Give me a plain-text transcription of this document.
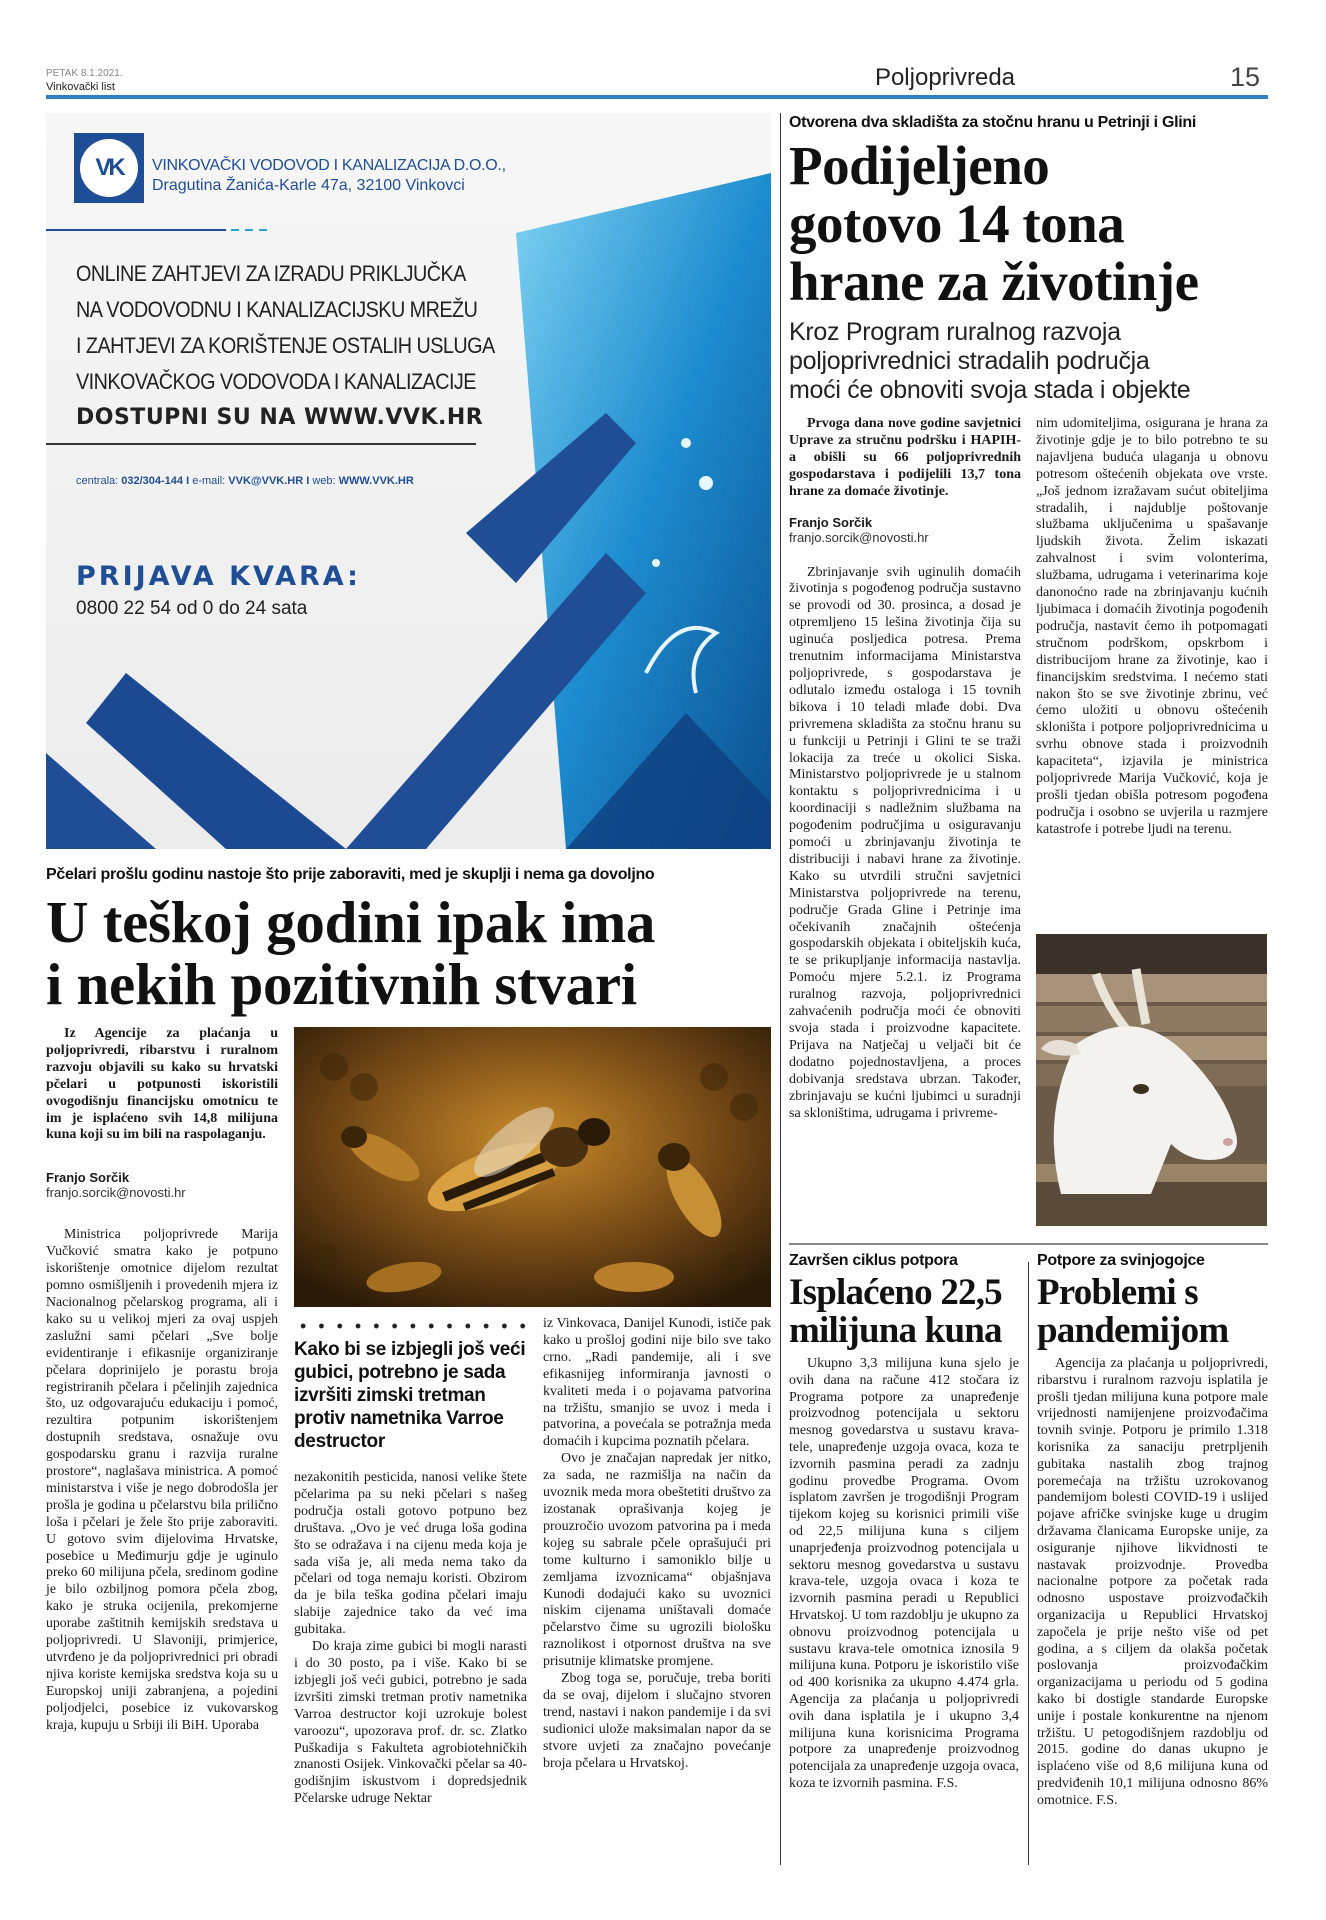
PETAK 8.1.2021.
Vinkovački list	Poljoprivreda	15
VK	VINKOVAČKI VODOVOD I KANALIZACIJA D.O.O.,
Dragutina Žanića-Karle 47a, 32100 Vinkovci
ONLINE ZAHTJEVI ZA IZRADU PRIKLJUČKA
NA VODOVODNU I KANALIZACIJSKU MREŽU
I ZAHTJEVI ZA KORIŠTENJE OSTALIH USLUGA
VINKOVAČKOG VODOVODA I KANALIZACIJE
DOSTUPNI SU NA WWW.VVK.HR
centrala: 032/304-144 I e-mail: VVK@VVK.HR I web: WWW.VVK.HR
PRIJAVA KVARA:
0800 22 54 od 0 do 24 sata
Otvorena dva skladišta za stočnu hranu u Petrinji i Glini
Podijeljeno
gotovo 14 tona
hrane za životinje
Kroz Program ruralnog razvoja
poljoprivrednici stradalih područja
moći će obnoviti svoja stada i objekte

Prvoga dana nove godine savjetnici Uprave za stručnu podršku i HAPIH-a obišli su 66 poljoprivrednih gospodarstava i podijelili 13,7 tona hrane za domaće životinje.

Franjo Sorčik
franjo.sorcik@novosti.hr

Zbrinjavanje svih uginulih domaćih životinja s pogođenog područja sustavno se provodi od 30. prosinca, a dosad je otpremljeno 15 lešina životinja čija su uginuća posljedica potresa. Prema trenutnim informacijama Ministarstva poljoprivrede, s gospodarstava je odlutalo između ostaloga i 15 tovnih bikova i 10 teladi mlađe dobi. Dva privremena skladišta za stočnu hranu su u funkciji u Petrinji i Glini te se traži lokacija za treće u okolici Siska. Ministarstvo poljoprivrede je u stalnom kontaktu s poljoprivrednicima i u koordinaciji s nadležnim službama na pogođenim područjima u osiguravanju pomoći u zbrinjavanju životinja te distribuciji i nabavi hrane za životinje. Kako su utvrdili stručni savjetnici Ministarstva poljoprivrede na terenu, područje Grada Gline i Petrinje ima očekivanih značajnih oštećenja gospodarskih objekata i obiteljskih kuća, te se prikupljanje informacija nastavlja. Pomoću mjere 5.2.1. iz Programa ruralnog razvoja, poljoprivrednici zahvaćenih područja moći će obnoviti svoja stada i proizvodne kapacitete. Prijava na Natječaj u veljači bit će dodatno pojednostavljena, a proces dobivanja sredstava ubrzan. Također, zbrinjavaju se kućni ljubimci u suradnji sa skloništima, udrugama i privreme-

nim udomiteljima, osigurana je hrana za životinje gdje je to bilo potrebno te su najavljena buduća ulaganja u obnovu potresom oštećenih objekata ove vrste. „Još jednom izražavam sućut obiteljima stradalih, i najdublje poštovanje službama uključenima u spašavanje ljudskih života. Želim iskazati zahvalnost i svim volonterima, službama, udrugama i veterinarima koje danonoćno rade na zbrinjavanju kućnih ljubimaca i domaćih životinja pogođenih područja, nastavit ćemo ih potpomagati stručnom podrškom, opskrbom i distribucijom hrane za životinje, kao i financijskim sredstvima. I nećemo stati nakon što se sve životinje zbrinu, već ćemo uložiti u obnovu oštećenih skloništa i potpore poljoprivrednicima u svrhu obnove stada i proizvodnih kapaciteta“, izjavila je ministrica poljoprivrede Marija Vučković, koja je prošli tjedan obišla potresom pogođena područja i osobno se uvjerila u razmjere katastrofe i potrebe ljudi na terenu.

Pčelari prošlu godinu nastoje što prije zaboraviti, med je skuplji i nema ga dovoljno
U teškoj godini ipak ima
i nekih pozitivnih stvari

Iz Agencije za plaćanja u poljoprivredi, ribarstvu i ruralnom razvoju objavili su kako su hrvatski pčelari u potpunosti iskoristili ovogodišnju financijsku omotnicu te im je isplaćeno svih 14,8 milijuna kuna koji su im bili na raspolaganju.

Franjo Sorčik
franjo.sorcik@novosti.hr

Ministrica poljoprivrede Marija Vučković smatra kako je potpuno iskorištenje omotnice dijelom rezultat pomno osmišljenih i provedenih mjera iz Nacionalnog pčelarskog programa, ali i kako su u velikoj mjeri za ovaj uspjeh zaslužni sami pčelari „Sve bolje evidentiranje i efikasnije organiziranje pčelara doprinijelo je porastu broja registriranih pčelara i pčelinjih zajednica što, uz odgovarajuću edukaciju i pomoć, rezultira potpunim iskorištenjem dostupnih sredstava, osnažuje ovu gospodarsku granu i razvija ruralne prostore“, naglašava ministrica. A pomoć ministarstva i više je nego dobrodošla jer prošla je godina u pčelarstvu bila prilično loša i pčelari je žele što prije zaboraviti. U gotovo svim dijelovima Hrvatske, posebice u Međimurju gdje je uginulo preko 60 milijuna pčela, sredinom godine je bilo ozbiljnog pomora pčela zbog, kako je struka ocijenila, prekomjerne uporabe zaštitnih kemijskih sredstava u poljoprivredi. U Slavoniji, primjerice, utvrđeno je da poljoprivrednici pri obradi njiva koriste kemijska sredstva koja su u Europskoj uniji zabranjena, a pojedini poljodjelci, posebice iz vukovarskog kraja, kupuju u Srbiji ili BiH. Uporaba

Kako bi se izbjegli još veći gubici, potrebno je sada izvršiti zimski tretman protiv nametnika Varroe destructor

nezakonitih pesticida, nanosi velike štete pčelarima pa su neki pčelari s našeg područja ostali gotovo potpuno bez društava. „Ovo je već druga loša godina što se odražava i na cijenu meda koja je sada viša je, ali meda nema tako da pčelari od toga nemaju koristi. Obzirom da je bila teška godina pčelari imaju slabije zajednice tako da već ima gubitaka.

Do kraja zime gubici bi mogli narasti i do 30 posto, pa i više. Kako bi se izbjegli još veći gubici, potrebno je sada izvršiti zimski tretman protiv nametnika Varroa destructor koji uzrokuje bolest varoozu“, upozorava prof. dr. sc. Zlatko Puškadija s Fakulteta agrobiotehničkih znanosti Osijek. Vinkovački pčelar sa 40-godišnjim iskustvom i dopredsjednik Pčelarske udruge Nektar

iz Vinkovaca, Danijel Kunodi, ističe pak kako u prošloj godini nije bilo sve tako crno. „Radi pandemije, ali i sve efikasnijeg informiranja javnosti o kvaliteti meda i o pojavama patvorina na tržištu, smanjio se uvoz i meda i patvorina, a povećala se potražnja meda domaćih i kupcima poznatih pčelara.

Ovo je značajan napredak jer nitko, za sada, ne razmišlja na način da uvoznik meda mora obeštetiti društvo za izostanak oprašivanja kojeg je prouzročio uvozom patvorina pa i meda kojeg su sabrale pčele oprašujući pri tome kulturno i samoniklo bilje u zemljama izvoznicama“ objašnjava Kunodi dodajući kako su uvoznici niskim cijenama uništavali domaće pčelarstvo čime su ugrozili biološku raznolikost i otpornost društva na sve prisutnije klimatske promjene.

Zbog toga se, poručuje, treba boriti da se ovaj, dijelom i slučajno stvoren trend, nastavi i nakon pandemije i da svi sudionici ulože maksimalan napor da se stvore uvjeti za značajno povećanje broja pčelara u Hrvatskoj.

Završen ciklus potpora
Isplaćeno 22,5
milijuna kuna

Ukupno 3,3 milijuna kuna sjelo je ovih dana na račune 412 stočara iz Programa potpore za unapređenje proizvodnog potencijala u sektoru mesnog govedarstva u sustavu krava-tele, unapređenje uzgoja ovaca, koza te izvornih pasmina peradi za zadnju godinu provedbe Programa. Ovom isplatom završen je trogodišnji Program tijekom kojeg su korisnici primili više od 22,5 milijuna kuna s ciljem unaprjeđenja proizvodnog potencijala u sektoru mesnog govedarstva u sustavu krava-tele, uzgoja ovaca i koza te izvornih pasmina peradi u Republici Hrvatskoj. U tom razdoblju je ukupno za obnovu proizvodnog potencijala u sustavu krava-tele omotnica iznosila 9 milijuna kuna. Potporu je iskoristilo više od 400 korisnika za ukupno 4.474 grla. Agencija za plaćanja u poljoprivredi ovih dana isplatila je i ukupno 3,4 milijuna kuna korisnicima Programa potpore za unapređenje proizvodnog potencijala za unapređenje uzgoja ovaca, koza te izvornih pasmina. F.S.

Potpore za svinjogojce
Problemi s
pandemijom

Agencija za plaćanja u poljoprivredi, ribarstvu i ruralnom razvoju isplatila je prošli tjedan milijuna kuna potpore male vrijednosti namijenjene proizvođačima tovnih svinje. Potporu je primilo 1.318 korisnika za sanaciju pretrpljenih gubitaka nastalih zbog trajnog poremećaja na tržištu uzrokovanog pandemijom bolesti COVID-19 i uslijed pojave afričke svinjske kuge u drugim državama članicama Europske unije, za osiguranje njihove likvidnosti te nastavak proizvodnje. Provedba nacionalne potpore za početak rada odnosno uspostave proizvođačkih organizacija u Republici Hrvatskoj započela je prije nešto više od pet godina, a s ciljem da olakša početak poslovanja proizvođačkim organizacijama u periodu od 5 godina kako bi dostigle standarde Europske unije i postale konkurentne na njenom tržištu. U petogodišnjem razdoblju od 2015. godine do danas ukupno je isplaćeno više od 8,6 milijuna kuna od predviđenih 10,1 milijuna odnosno 86% omotnice. F.S.
